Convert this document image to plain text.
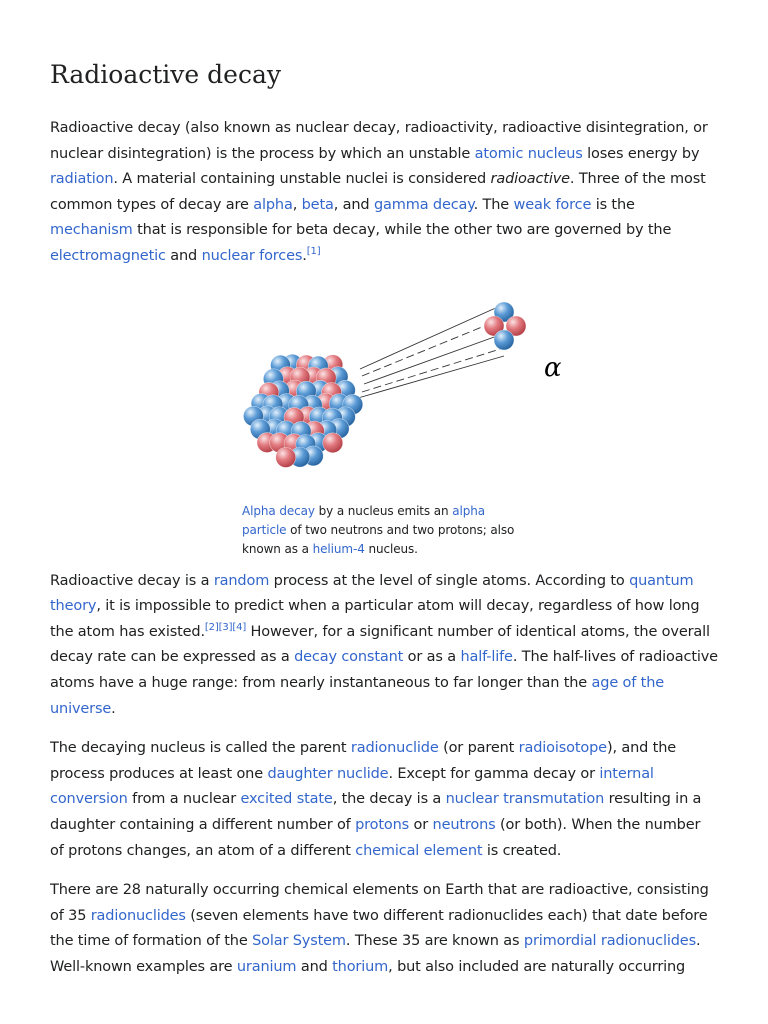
Radioactive decay

Radioactive decay (also known as nuclear decay, radioactivity, radioactive disintegration, or nuclear disintegration) is the process by which an unstable atomic nucleus loses energy by radiation. A material containing unstable nuclei is considered radioactive. Three of the most common types of decay are alpha, beta, and gamma decay. The weak force is the mechanism that is responsible for beta decay, while the other two are governed by the electromagnetic and nuclear forces.[1]

α
Alpha decay by a nucleus emits an alpha particle of two neutrons and two protons; also known as a helium-4 nucleus.

Radioactive decay is a random process at the level of single atoms. According to quantum theory, it is impossible to predict when a particular atom will decay, regardless of how long the atom has existed.[2][3][4] However, for a significant number of identical atoms, the overall decay rate can be expressed as a decay constant or as a half-life. The half-lives of radioactive atoms have a huge range: from nearly instantaneous to far longer than the age of the universe.

The decaying nucleus is called the parent radionuclide (or parent radioisotope), and the process produces at least one daughter nuclide. Except for gamma decay or internal conversion from a nuclear excited state, the decay is a nuclear transmutation resulting in a daughter containing a different number of protons or neutrons (or both). When the number of protons changes, an atom of a different chemical element is created.

There are 28 naturally occurring chemical elements on Earth that are radioactive, consisting of 35 radionuclides (seven elements have two different radionuclides each) that date before the time of formation of the Solar System. These 35 are known as primordial radionuclides. Well-known examples are uranium and thorium, but also included are naturally occurring
